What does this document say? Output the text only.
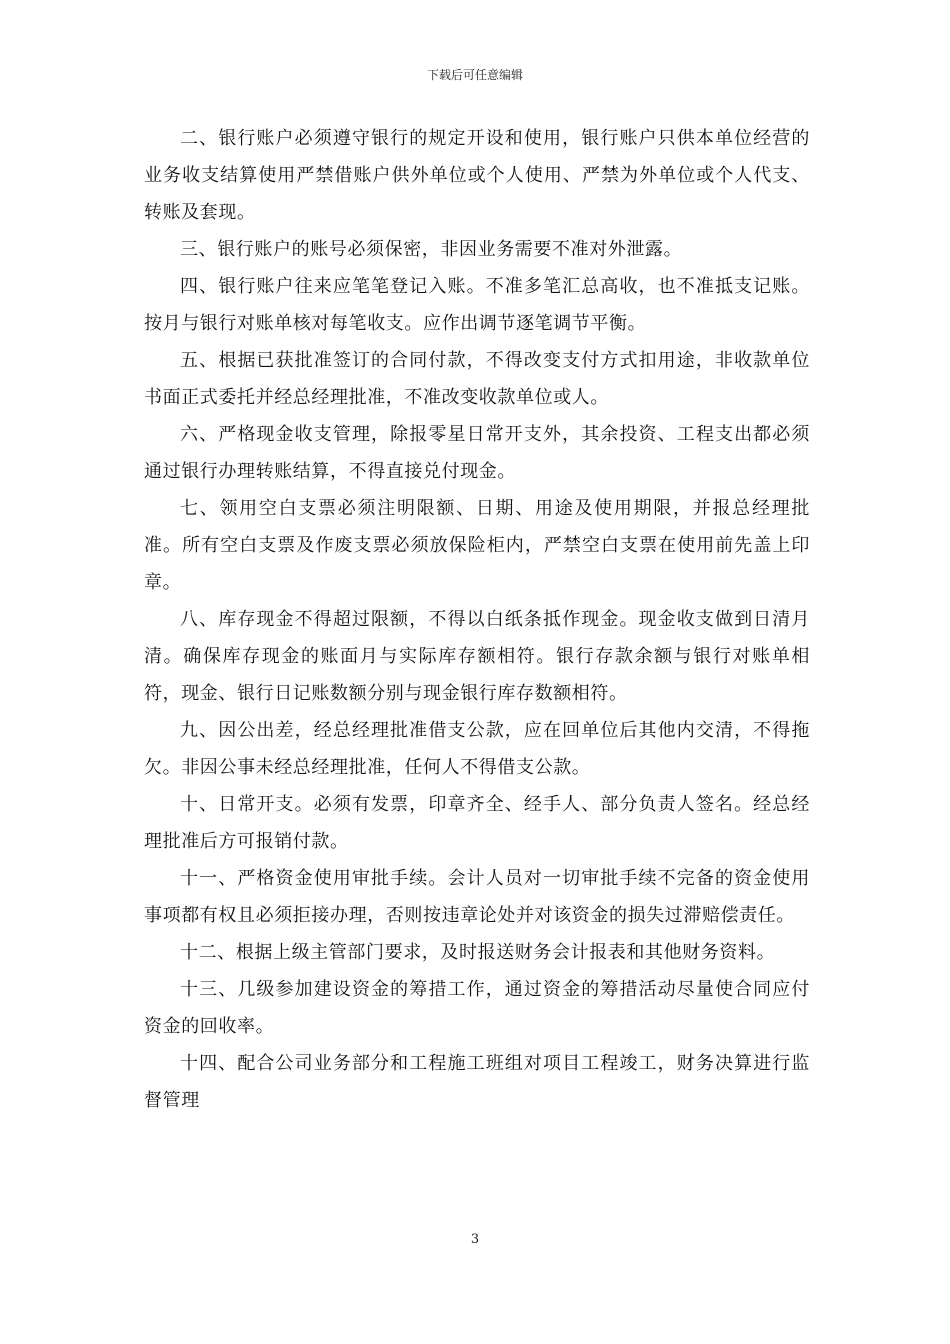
下载后可任意编辑

二、银行账户必须遵守银行的规定开设和使用，银行账户只供本单位经营的业务收支结算使用严禁借账户供外单位或个人使用、严禁为外单位或个人代支、转账及套现。

三、银行账户的账号必须保密，非因业务需要不准对外泄露。

四、银行账户往来应笔笔登记入账。不准多笔汇总高收，也不准抵支记账。按月与银行对账单核对每笔收支。应作出调节逐笔调节平衡。

五、根据已获批准签订的合同付款，不得改变支付方式扣用途，非收款单位书面正式委托并经总经理批准，不准改变收款单位或人。

六、严格现金收支管理，除报零星日常开支外，其余投资、工程支出都必须通过银行办理转账结算，不得直接兑付现金。

七、领用空白支票必须注明限额、日期、用途及使用期限，并报总经理批准。所有空白支票及作废支票必须放保险柜内，严禁空白支票在使用前先盖上印章。

八、库存现金不得超过限额，不得以白纸条抵作现金。现金收支做到日清月清。确保库存现金的账面月与实际库存额相符。银行存款余额与银行对账单相符，现金、银行日记账数额分别与现金银行库存数额相符。

九、因公出差，经总经理批准借支公款，应在回单位后其他内交清，不得拖欠。非因公事未经总经理批准，任何人不得借支公款。

十、日常开支。必须有发票，印章齐全、经手人、部分负责人签名。经总经理批准后方可报销付款。

十一、严格资金使用审批手续。会计人员对一切审批手续不完备的资金使用事项都有权且必须拒接办理，否则按违章论处并对该资金的损失过滞赔偿责任。

十二、根据上级主管部门要求，及时报送财务会计报表和其他财务资料。

十三、几级参加建设资金的筹措工作，通过资金的筹措活动尽量使合同应付资金的回收率。

十四、配合公司业务部分和工程施工班组对项目工程竣工，财务决算进行监督管理

3
